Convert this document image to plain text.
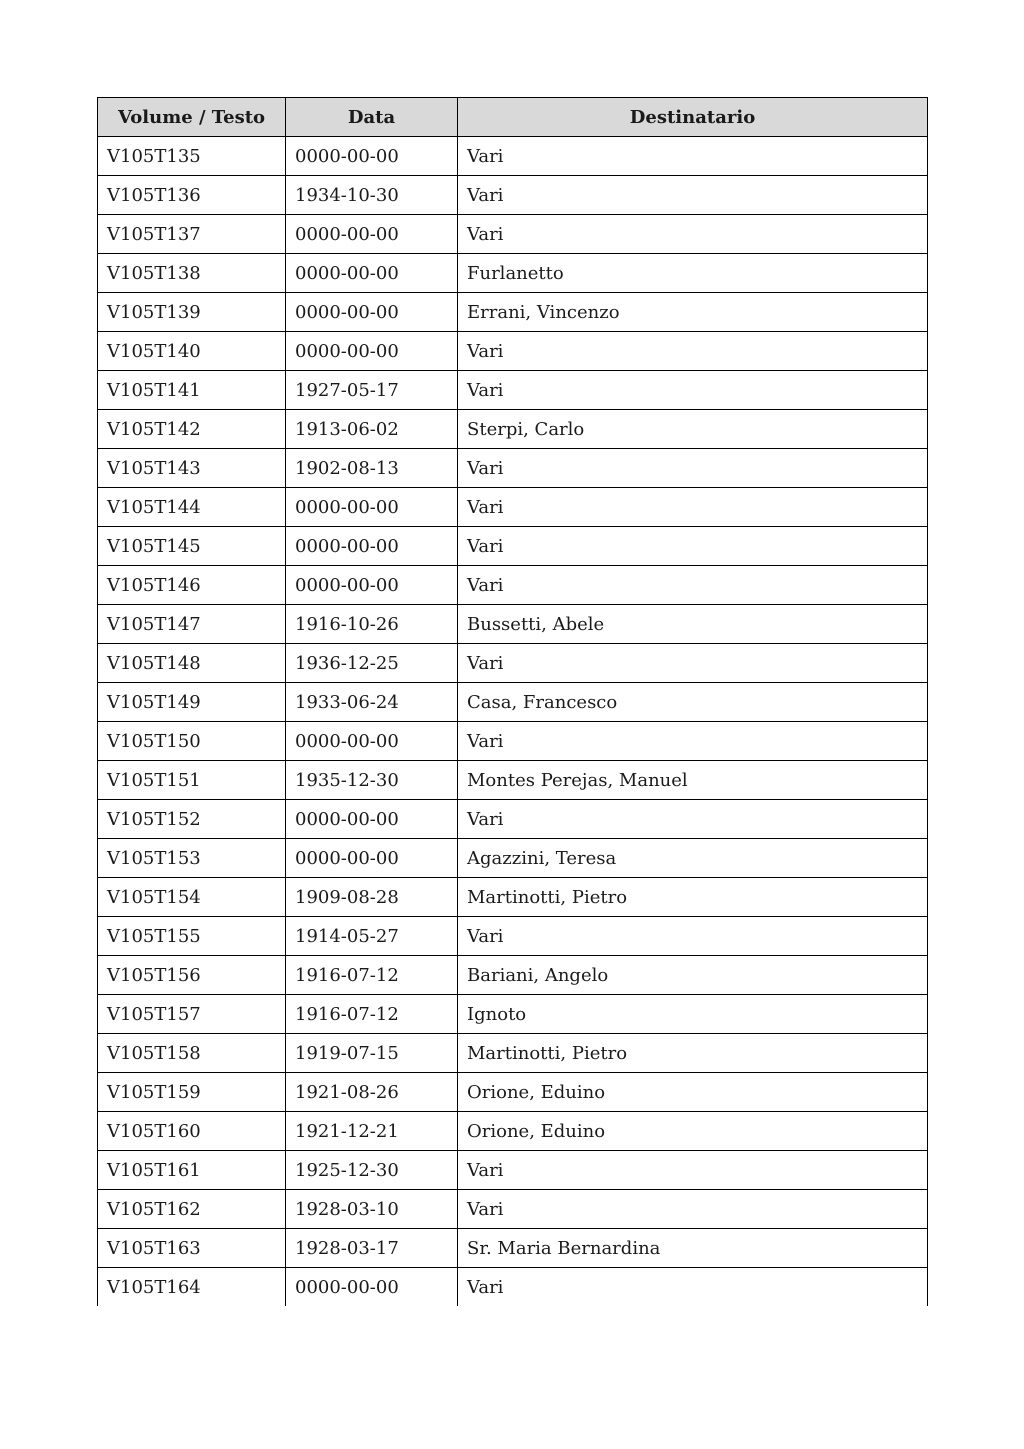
Volume / Testo	Data	Destinatario
V105T135	0000-00-00	Vari
V105T136	1934-10-30	Vari
V105T137	0000-00-00	Vari
V105T138	0000-00-00	Furlanetto
V105T139	0000-00-00	Errani, Vincenzo
V105T140	0000-00-00	Vari
V105T141	1927-05-17	Vari
V105T142	1913-06-02	Sterpi, Carlo
V105T143	1902-08-13	Vari
V105T144	0000-00-00	Vari
V105T145	0000-00-00	Vari
V105T146	0000-00-00	Vari
V105T147	1916-10-26	Bussetti, Abele
V105T148	1936-12-25	Vari
V105T149	1933-06-24	Casa, Francesco
V105T150	0000-00-00	Vari
V105T151	1935-12-30	Montes Perejas, Manuel
V105T152	0000-00-00	Vari
V105T153	0000-00-00	Agazzini, Teresa
V105T154	1909-08-28	Martinotti, Pietro
V105T155	1914-05-27	Vari
V105T156	1916-07-12	Bariani, Angelo
V105T157	1916-07-12	Ignoto
V105T158	1919-07-15	Martinotti, Pietro
V105T159	1921-08-26	Orione, Eduino
V105T160	1921-12-21	Orione, Eduino
V105T161	1925-12-30	Vari
V105T162	1928-03-10	Vari
V105T163	1928-03-17	Sr. Maria Bernardina
V105T164	0000-00-00	Vari
